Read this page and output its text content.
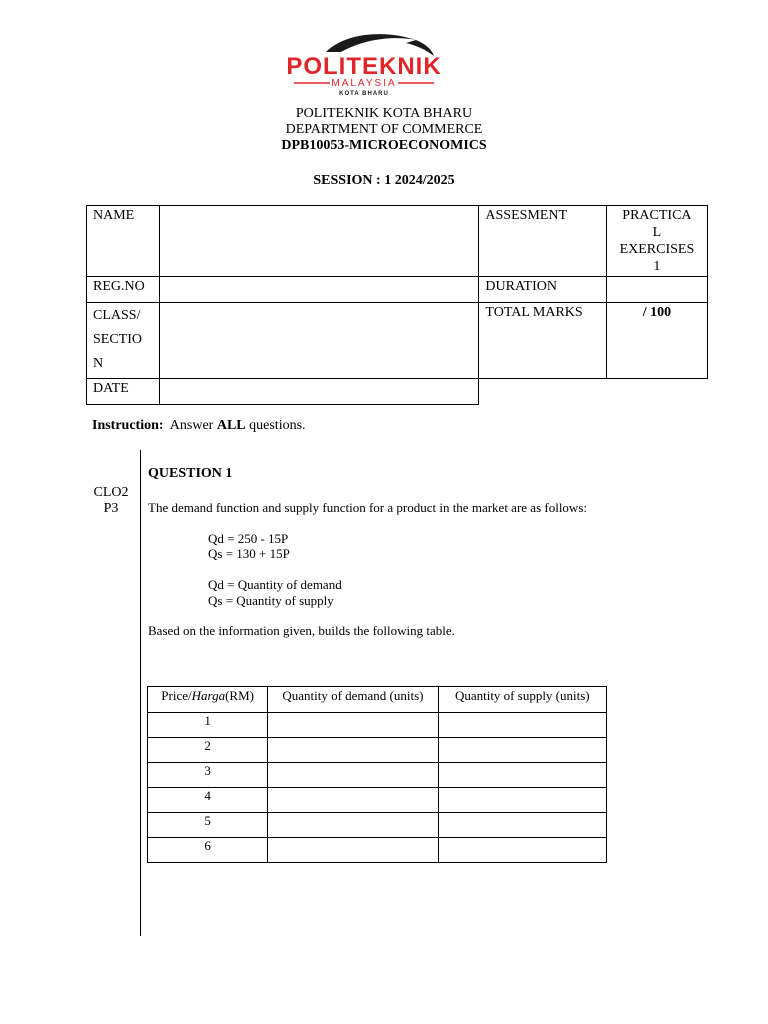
POLITEKNIK
MALAYSIA
KOTA BHARU
POLITEKNIK KOTA BHARU
DEPARTMENT OF COMMERCE
DPB10053-MICROECONOMICS
SESSION : 1 2024/2025
NAME		ASSESMENT	PRACTICA
L
EXERCISES
1

REG.NO		DURATION	

CLASS/
SECTIO
N		TOTAL MARKS	/ 100
DATE			
Instruction: Answer ALL questions.
CLO2
P3
QUESTION 1
The demand function and supply function for a product in the market are as follows:
Qd = 250 - 15P
Qs = 130 + 15P
Qd = Quantity of demand
Qs = Quantity of supply
Based on the information given, builds the following table.
Price/Harga(RM)	Quantity of demand (units)	Quantity of supply (units)
1		
2		
3		
4		
5		
6		
